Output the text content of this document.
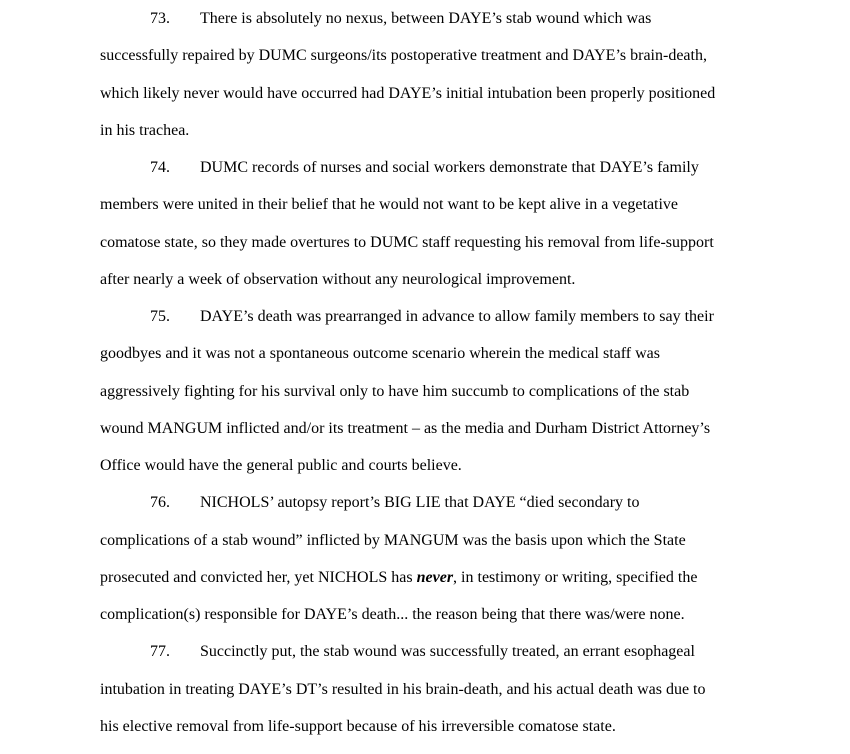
73. There is absolutely no nexus, between DAYE’s stab wound which was
successfully repaired by DUMC surgeons/its postoperative treatment and DAYE’s brain-death,
which likely never would have occurred had DAYE’s initial intubation been properly positioned
in his trachea.
74. DUMC records of nurses and social workers demonstrate that DAYE’s family
members were united in their belief that he would not want to be kept alive in a vegetative
comatose state, so they made overtures to DUMC staff requesting his removal from life-support
after nearly a week of observation without any neurological improvement.
75. DAYE’s death was prearranged in advance to allow family members to say their
goodbyes and it was not a spontaneous outcome scenario wherein the medical staff was
aggressively fighting for his survival only to have him succumb to complications of the stab
wound MANGUM inflicted and/or its treatment – as the media and Durham District Attorney’s
Office would have the general public and courts believe.
76. NICHOLS’ autopsy report’s BIG LIE that DAYE “died secondary to
complications of a stab wound” inflicted by MANGUM was the basis upon which the State
prosecuted and convicted her, yet NICHOLS has never, in testimony or writing, specified the
complication(s) responsible for DAYE’s death... the reason being that there was/were none.
77. Succinctly put, the stab wound was successfully treated, an errant esophageal
intubation in treating DAYE’s DT’s resulted in his brain-death, and his actual death was due to
his elective removal from life-support because of his irreversible comatose state.
